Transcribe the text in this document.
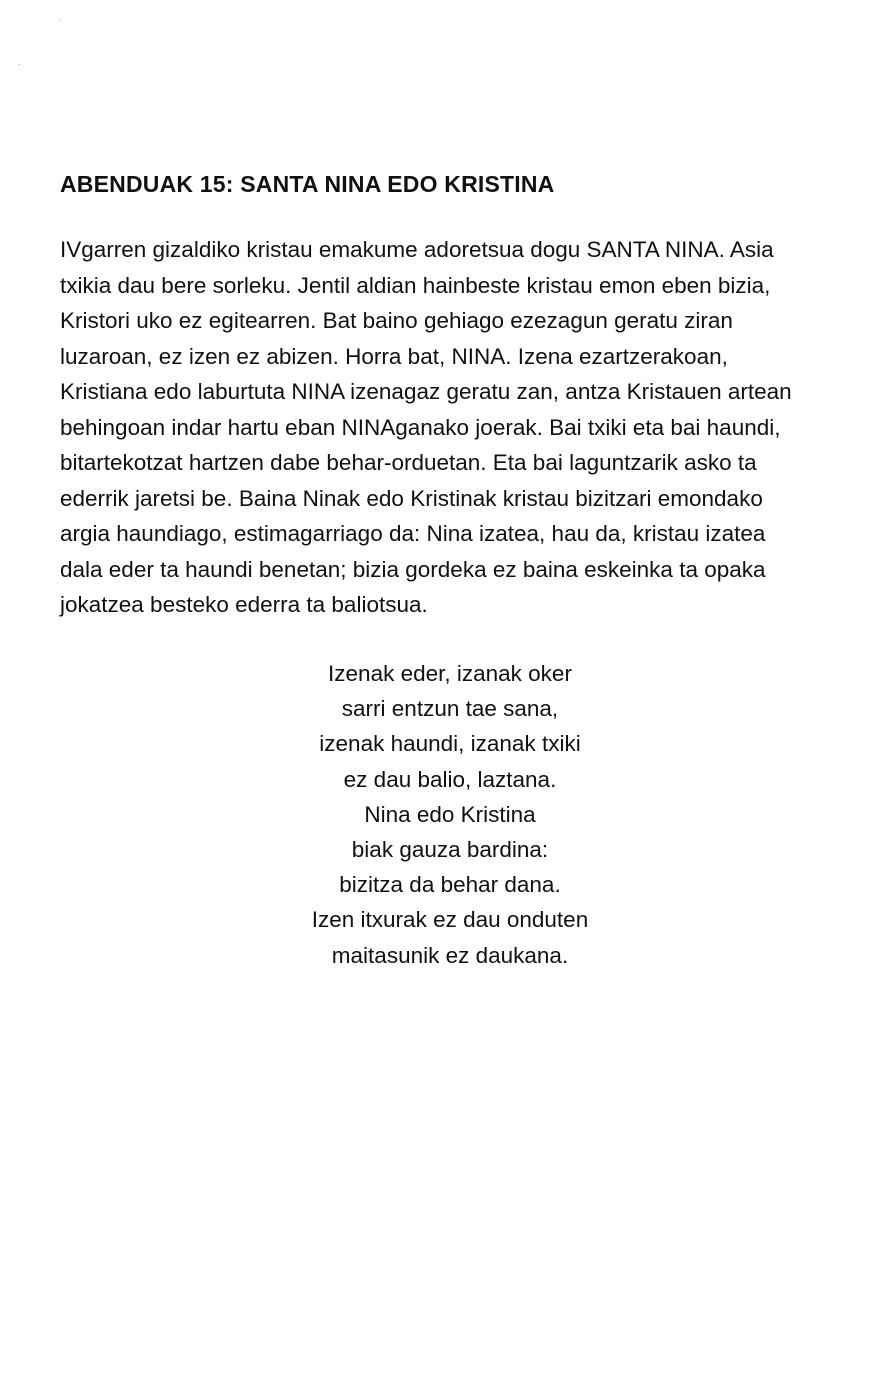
ABENDUAK 15: SANTA NINA EDO KRISTINA
IVgarren gizaldiko kristau emakume adoretsua dogu SANTA NINA. Asia
txikia dau bere sorleku. Jentil aldian hainbeste kristau emon eben bizia,
Kristori uko ez egitearren. Bat baino gehiago ezezagun geratu ziran
luzaroan, ez izen ez abizen. Horra bat, NINA. Izena ezartzerakoan,
Kristiana edo laburtuta NINA izenagaz geratu zan, antza Kristauen artean
behingoan indar hartu eban NINAganako joerak. Bai txiki eta bai haundi,
bitartekotzat hartzen dabe behar-orduetan. Eta bai laguntzarik asko ta
ederrik jaretsi be. Baina Ninak edo Kristinak kristau bizitzari emondako
argia haundiago, estimagarriago da: Nina izatea, hau da, kristau izatea
dala eder ta haundi benetan; bizia gordeka ez baina eskeinka ta opaka
jokatzea besteko ederra ta baliotsua.
Izenak eder, izanak oker
sarri entzun tae sana,
izenak haundi, izanak txiki
ez dau balio, laztana.
Nina edo Kristina
biak gauza bardina:
bizitza da behar dana.
Izen itxurak ez dau onduten
maitasunik ez daukana.
